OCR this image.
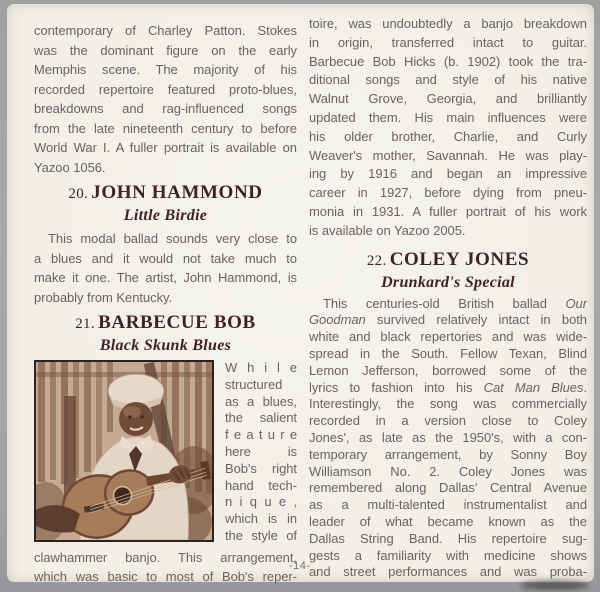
contemporary of Charley Patton. Stokes
was the dominant figure on the early
Memphis scene. The majority of his
recorded repertoire featured proto-blues,
breakdowns and rag-influenced songs
from the late nineteenth century to before
World War I. A fuller portrait is available on
Yazoo 1056.
20. JOHN HAMMOND
Little Birdie
This modal ballad sounds very close to
a blues and it would not take much to
make it one. The artist, John Hammond, is
probably from Kentucky.
21. BARBECUE BOB
Black Skunk Blues
W h i l e
structured
as a blues,
the salient
f e a t u r e
here is
Bob's right
hand tech-
n i q u e ,
which is in
the style of
clawhammer banjo. This arrangement,
which was basic to most of Bob's reper-
toire, was undoubtedly a banjo breakdown
in origin, transferred intact to guitar.
Barbecue Bob Hicks (b. 1902) took the tra-
ditional songs and style of his native
Walnut Grove, Georgia, and brilliantly
updated them. His main influences were
his older brother, Charlie, and Curly
Weaver's mother, Savannah. He was play-
ing by 1916 and began an impressive
career in 1927, before dying from pneu-
monia in 1931. A fuller portrait of his work
is available on Yazoo 2005.
22. COLEY JONES
Drunkard's Special
This centuries-old British ballad Our
Goodman survived relatively intact in both
white and black repertories and was wide-
spread in the South. Fellow Texan, Blind
Lemon Jefferson, borrowed some of the
lyrics to fashion into his Cat Man Blues.
Interestingly, the song was commercially
recorded in a version close to Coley
Jones', as late as the 1950's, with a con-
temporary arrangement, by Sonny Boy
Williamson No. 2. Coley Jones was
remembered along Dallas' Central Avenue
as a multi-talented instrumentalist and
leader of what became known as the
Dallas String Band. His repertoire sug-
gests a familiarity with medicine shows
and street performances and was proba-
-14-
